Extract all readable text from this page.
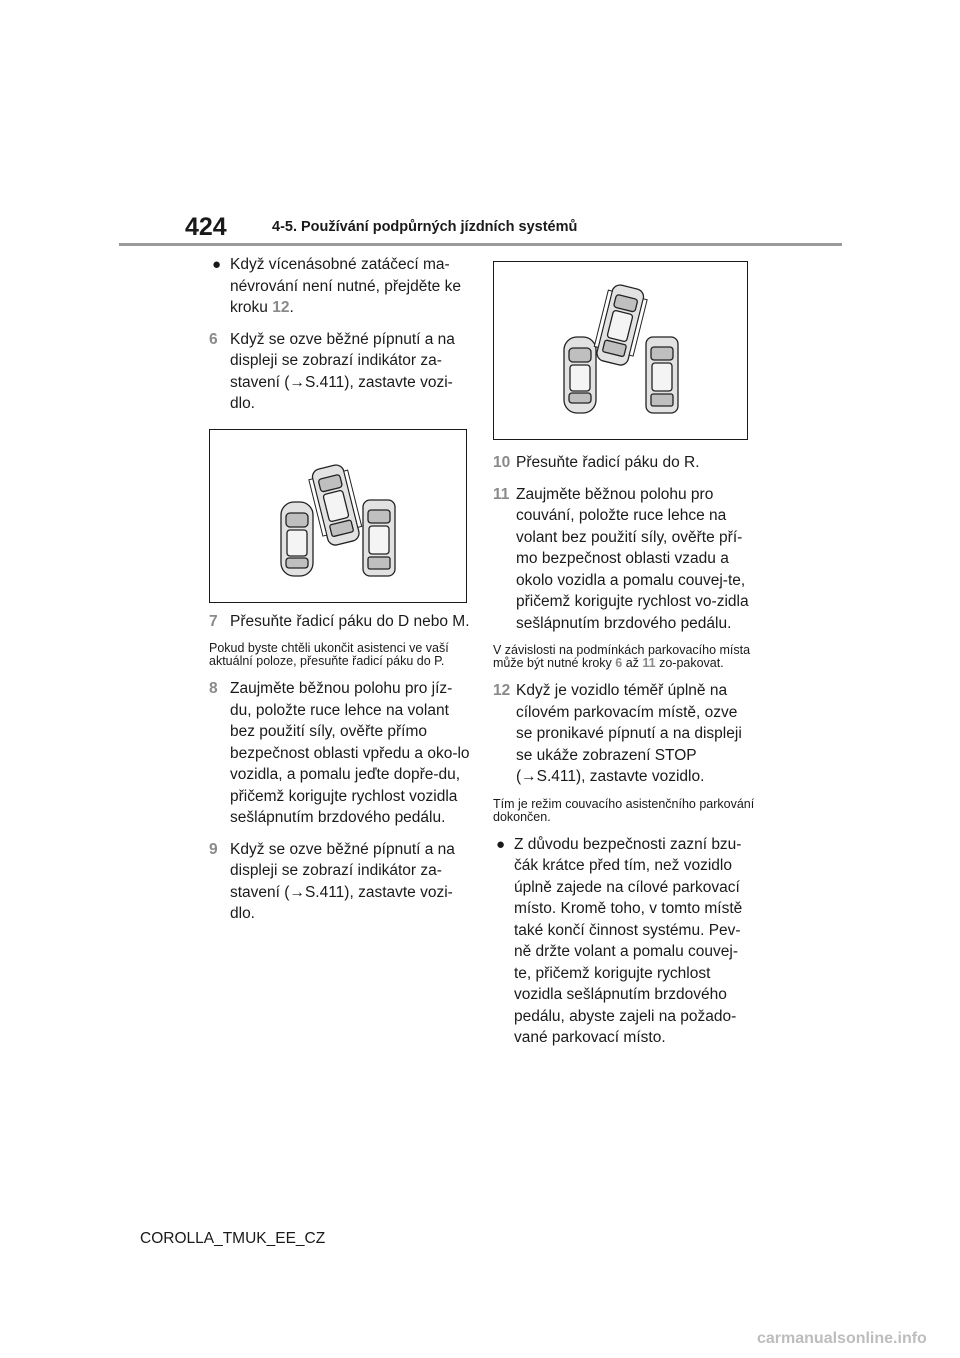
424	4-5. Používání podpůrných jízdních systémů
● Když vícenásobné zatáčecí ma-névrování není nutné, přejděte ke kroku 12.
6 Když se ozve běžné pípnutí a na displeji se zobrazí indikátor za-stavení (→S.411), zastavte vozi-dlo.
7 Přesuňte řadicí páku do D nebo M.
Pokud byste chtěli ukončit asistenci ve vaší aktuální poloze, přesuňte řadicí páku do P.
8 Zaujměte běžnou polohu pro jíz-du, položte ruce lehce na volant bez použití síly, ověřte přímo bezpečnost oblasti vpředu a oko-lo vozidla, a pomalu jeďte dopře-du, přičemž korigujte rychlost vozidla sešlápnutím brzdového pedálu.
9 Když se ozve běžné pípnutí a na displeji se zobrazí indikátor za-stavení (→S.411), zastavte vozi-dlo.
10 Přesuňte řadicí páku do R.
11 Zaujměte běžnou polohu pro couvání, položte ruce lehce na volant bez použití síly, ověřte pří-mo bezpečnost oblasti vzadu a okolo vozidla a pomalu couvej-te, přičemž korigujte rychlost vo-zidla sešlápnutím brzdového pedálu.
V závislosti na podmínkách parkovacího místa může být nutné kroky 6 až 11 zo-pakovat.
12 Když je vozidlo téměř úplně na cílovém parkovacím místě, ozve se pronikavé pípnutí a na displeji se ukáže zobrazení STOP (→S.411), zastavte vozidlo.
Tím je režim couvacího asistenčního parkování dokončen.
● Z důvodu bezpečnosti zazní bzu-čák krátce před tím, než vozidlo úplně zajede na cílové parkovací místo. Kromě toho, v tomto místě také končí činnost systému. Pev-ně držte volant a pomalu couvej-te, přičemž korigujte rychlost vozidla sešlápnutím brzdového pedálu, abyste zajeli na požado-vané parkovací místo.
COROLLA_TMUK_EE_CZ
carmanualsonline.info
